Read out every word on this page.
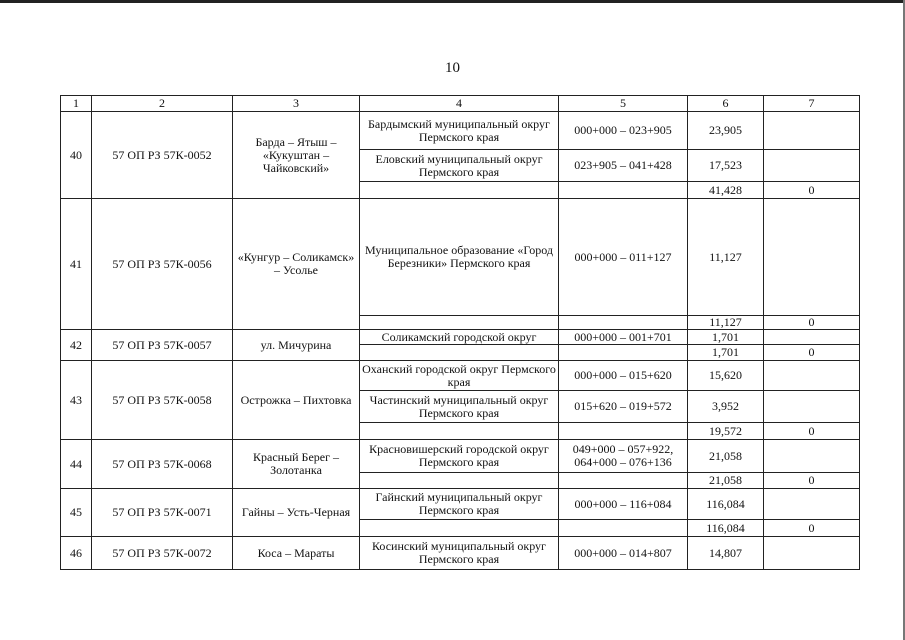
10
1	2	3	4	5	6	7
40	57 ОП РЗ 57К-0052	Барда – Ятыш – «Кукуштан – Чайковский»	Бардымский муниципальный округ Пермского края	000+000 – 023+905	23,905	
			Еловский муниципальный округ Пермского края	023+905 – 041+428	17,523	
					41,428	0
41	57 ОП РЗ 57К-0056	«Кунгур – Соликамск» – Усолье	Муниципальное образование «Город Березники» Пермского края	000+000 – 011+127	11,127	
					11,127	0
42	57 ОП РЗ 57К-0057	ул. Мичурина	Соликамский городской округ	000+000 – 001+701	1,701	
					1,701	0
43	57 ОП РЗ 57К-0058	Острожка – Пихтовка	Оханский городской округ Пермского края	000+000 – 015+620	15,620	
			Частинский муниципальный округ Пермского края	015+620 – 019+572	3,952	
					19,572	0
44	57 ОП РЗ 57К-0068	Красный Берег – Золотанка	Красновишерский городской округ Пермского края	049+000 – 057+922, 064+000 – 076+136	21,058	
					21,058	0
45	57 ОП РЗ 57К-0071	Гайны – Усть-Черная	Гайнский муниципальный округ Пермского края	000+000 – 116+084	116,084	
					116,084	0
46	57 ОП РЗ 57К-0072	Коса – Мараты	Косинский муниципальный округ Пермского края	000+000 – 014+807	14,807	
